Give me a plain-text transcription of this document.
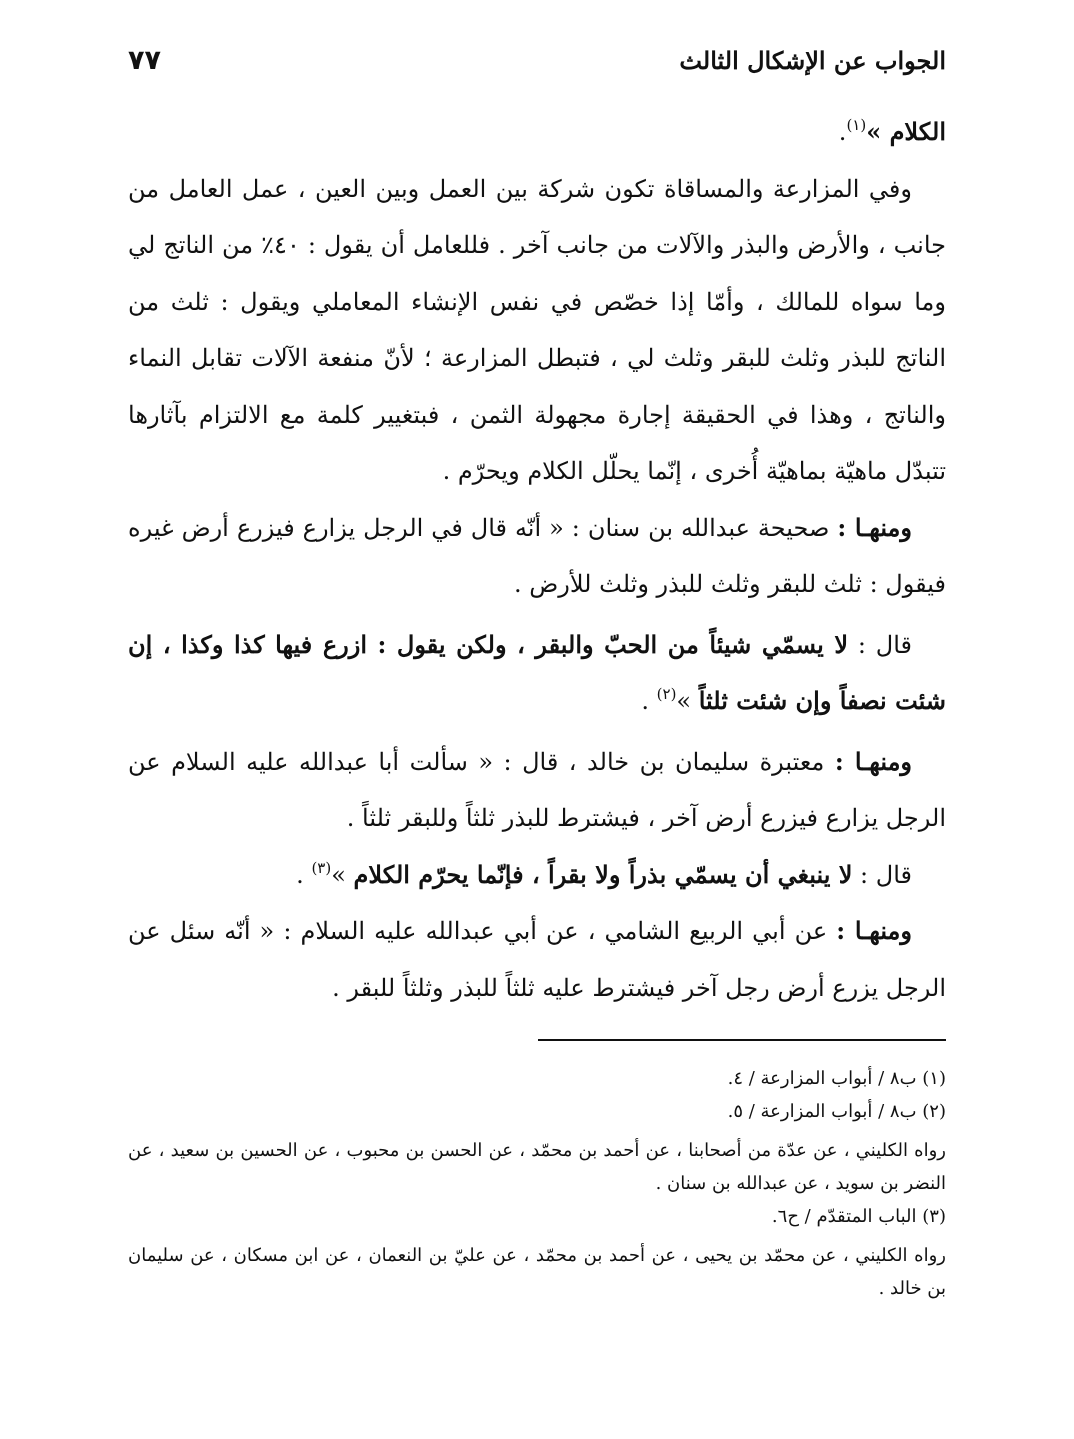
الجواب عن الإشكال الثالث
٧٧

الكلام »$^{(١)}$.

وفي المزارعة والمساقاة تكون شركة بين العمل وبين العين ، عمل العامل من جانب ، والأرض والبذر والآلات من جانب آخر . فللعامل أن يقول : ٤٠٪ من الناتج لي وما سواه للمالك ، وأمّا إذا خصّص في نفس الإنشاء المعاملي ويقول : ثلث من الناتج للبذر وثلث للبقر وثلث لي ، فتبطل المزارعة ؛ لأنّ منفعة الآلات تقابل النماء والناتج ، وهذا في الحقيقة إجارة مجهولة الثمن ، فبتغيير كلمة مع الالتزام بآثارها تتبدّل ماهيّة بماهيّة أُخرى ، إنّما يحلّل الكلام ويحرّم .

ومنهـا : صحيحة عبدالله بن سنان : « أنّه قال في الرجل يزارع فيزرع أرض غيره فيقول : ثلث للبقر وثلث للبذر وثلث للأرض .

قال : لا يسمّي شيئاً من الحبّ والبقر ، ولكن يقول : ازرع فيها كذا وكذا ، إن شئت نصفاً وإن شئت ثلثاً »$^{(٢)}$ .

ومنهـا : معتبرة سليمان بن خالد ، قال : « سألت أبا عبدالله عليه السلام عن الرجل يزارع فيزرع أرض آخر ، فيشترط للبذر ثلثاً وللبقر ثلثاً .

قال : لا ينبغي أن يسمّي بذراً ولا بقراً ، فإنّما يحرّم الكلام »$^{(٣)}$ .

ومنهـا : عن أبي الربيع الشامي ، عن أبي عبدالله عليه السلام : « أنّه سئل عن الرجل يزرع أرض رجل آخر فيشترط عليه ثلثاً للبذر وثلثاً للبقر .

(١) ب٨ / أبواب المزارعة / ٤.

(٢) ب٨ / أبواب المزارعة / ٥.

رواه الكليني ، عن عدّة من أصحابنا ، عن أحمد بن محمّد ، عن الحسن بن محبوب ، عن الحسين بن سعيد ، عن النضر بن سويد ، عن عبدالله بن سنان .

(٣) الباب المتقدّم / ح٦.

رواه الكليني ، عن محمّد بن يحيى ، عن أحمد بن محمّد ، عن عليّ بن النعمان ، عن ابن مسكان ، عن سليمان بن خالد .
